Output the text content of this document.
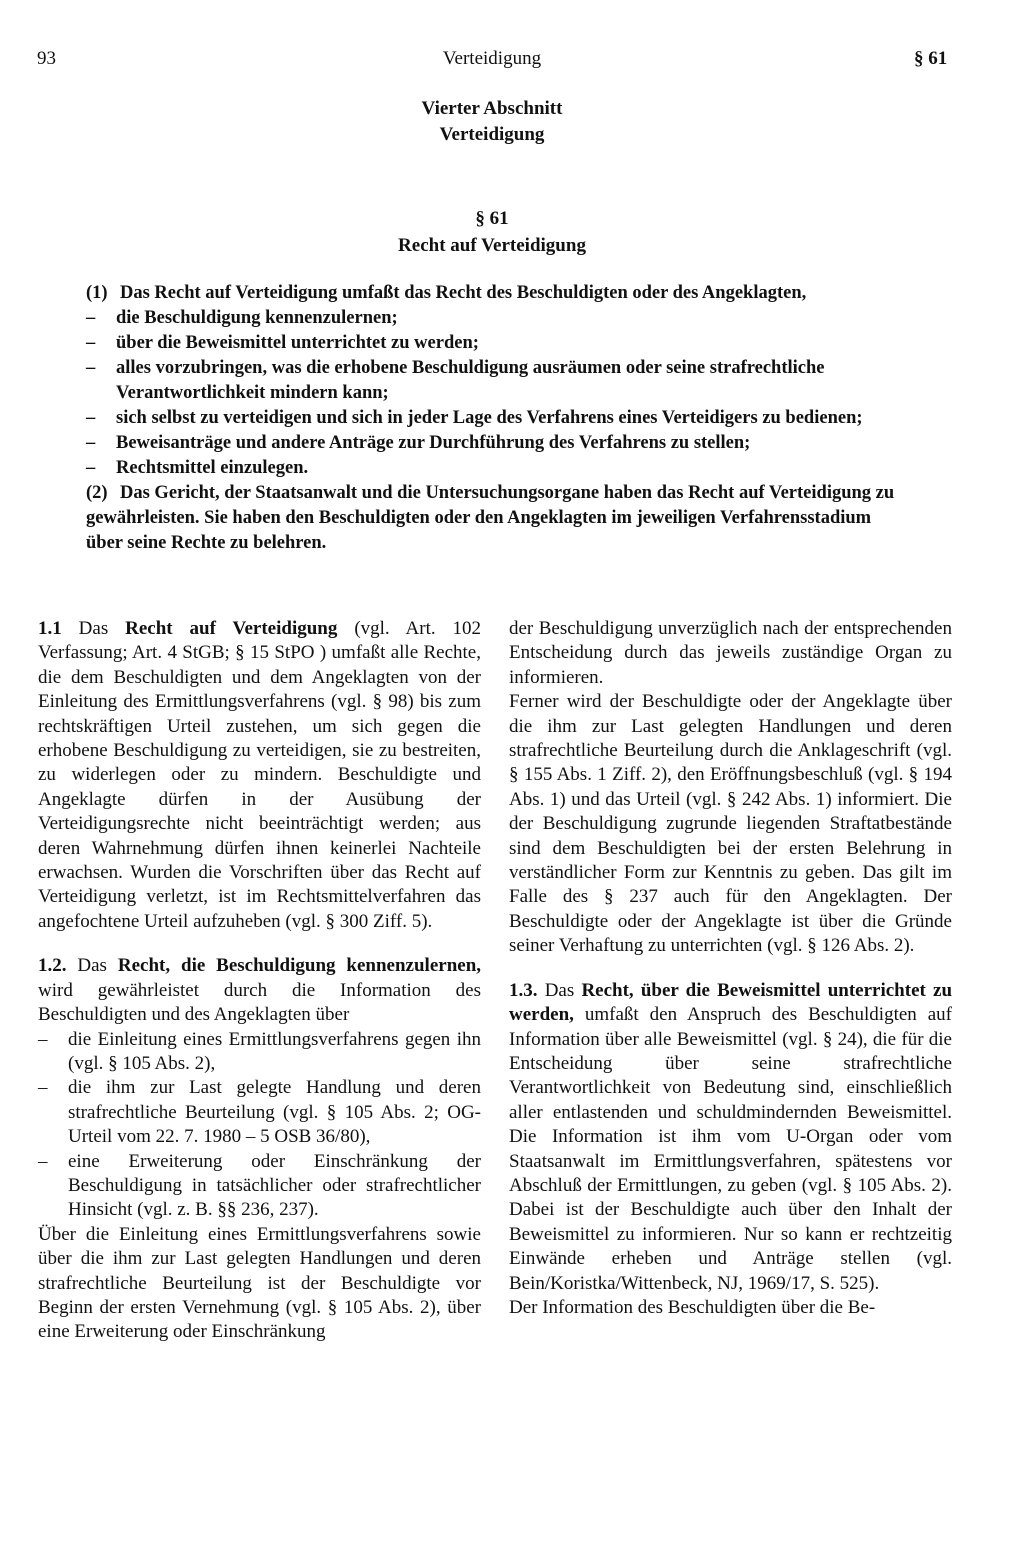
93	Verteidigung	§ 61
Vierter Abschnitt
Verteidigung
§ 61
Recht auf Verteidigung

(1) Das Recht auf Verteidigung umfaßt das Recht des Beschuldigten oder des Angeklagten,

– die Beschuldigung kennenzulernen;
– über die Beweismittel unterrichtet zu werden;
– alles vorzubringen, was die erhobene Beschuldigung ausräumen oder seine strafrechtliche Verantwortlichkeit mindern kann;
– sich selbst zu verteidigen und sich in jeder Lage des Verfahrens eines Verteidigers zu bedienen;
– Beweisanträge und andere Anträge zur Durchführung des Verfahrens zu stellen;
– Rechtsmittel einzulegen.

(2) Das Gericht, der Staatsanwalt und die Untersuchungsorgane haben das Recht auf Verteidigung zu gewährleisten. Sie haben den Beschuldigten oder den Angeklagten im jeweiligen Verfahrensstadium über seine Rechte zu belehren.

1.1 Das Recht auf Verteidigung (vgl. Art. 102 Verfassung; Art. 4 StGB; § 15 StPO ) umfaßt alle Rechte, die dem Beschuldigten und dem Angeklagten von der Einleitung des Ermittlungsverfahrens (vgl. § 98) bis zum rechtskräftigen Urteil zustehen, um sich gegen die erhobene Beschuldigung zu verteidigen, sie zu bestreiten, zu widerlegen oder zu mindern. Beschuldigte und Angeklagte dürfen in der Ausübung der Verteidigungsrechte nicht beeinträchtigt werden; aus deren Wahrnehmung dürfen ihnen keinerlei Nachteile erwachsen. Wurden die Vorschriften über das Recht auf Verteidigung verletzt, ist im Rechtsmittelverfahren das angefochtene Urteil aufzuheben (vgl. § 300 Ziff. 5).

1.2. Das Recht, die Beschuldigung kennenzulernen, wird gewährleistet durch die Information des Beschuldigten und des Angeklagten über

– die Einleitung eines Ermittlungsverfahrens gegen ihn (vgl. § 105 Abs. 2),
– die ihm zur Last gelegte Handlung und deren strafrechtliche Beurteilung (vgl. § 105 Abs. 2; OG-Urteil vom 22. 7. 1980 – 5 OSB 36/80),
– eine Erweiterung oder Einschränkung der Beschuldigung in tatsächlicher oder strafrechtlicher Hinsicht (vgl. z. B. §§ 236, 237).

Über die Einleitung eines Ermittlungsverfahrens sowie über die ihm zur Last gelegten Handlungen und deren strafrechtliche Beurteilung ist der Beschuldigte vor Beginn der ersten Vernehmung (vgl. § 105 Abs. 2), über eine Erweiterung oder Einschränkung

der Beschuldigung unverzüglich nach der entsprechenden Entscheidung durch das jeweils zuständige Organ zu informieren.

Ferner wird der Beschuldigte oder der Angeklagte über die ihm zur Last gelegten Handlungen und deren strafrechtliche Beurteilung durch die Anklageschrift (vgl. § 155 Abs. 1 Ziff. 2), den Eröffnungsbeschluß (vgl. § 194 Abs. 1) und das Urteil (vgl. § 242 Abs. 1) informiert. Die der Beschuldigung zugrunde liegenden Straftatbestände sind dem Beschuldigten bei der ersten Belehrung in verständlicher Form zur Kenntnis zu geben. Das gilt im Falle des § 237 auch für den Angeklagten. Der Beschuldigte oder der Angeklagte ist über die Gründe seiner Verhaftung zu unterrichten (vgl. § 126 Abs. 2).

1.3. Das Recht, über die Beweismittel unterrichtet zu werden, umfaßt den Anspruch des Beschuldigten auf Information über alle Beweismittel (vgl. § 24), die für die Entscheidung über seine strafrechtliche Verantwortlichkeit von Bedeutung sind, einschließlich aller entlastenden und schuldmindernden Beweismittel. Die Information ist ihm vom U-Organ oder vom Staatsanwalt im Ermittlungsverfahren, spätestens vor Abschluß der Ermittlungen, zu geben (vgl. § 105 Abs. 2). Dabei ist der Beschuldigte auch über den Inhalt der Beweismittel zu informieren. Nur so kann er rechtzeitig Einwände erheben und Anträge stellen (vgl. Bein/Koristka/Wittenbeck, NJ, 1969/17, S. 525).

Der Information des Beschuldigten über die Be-
